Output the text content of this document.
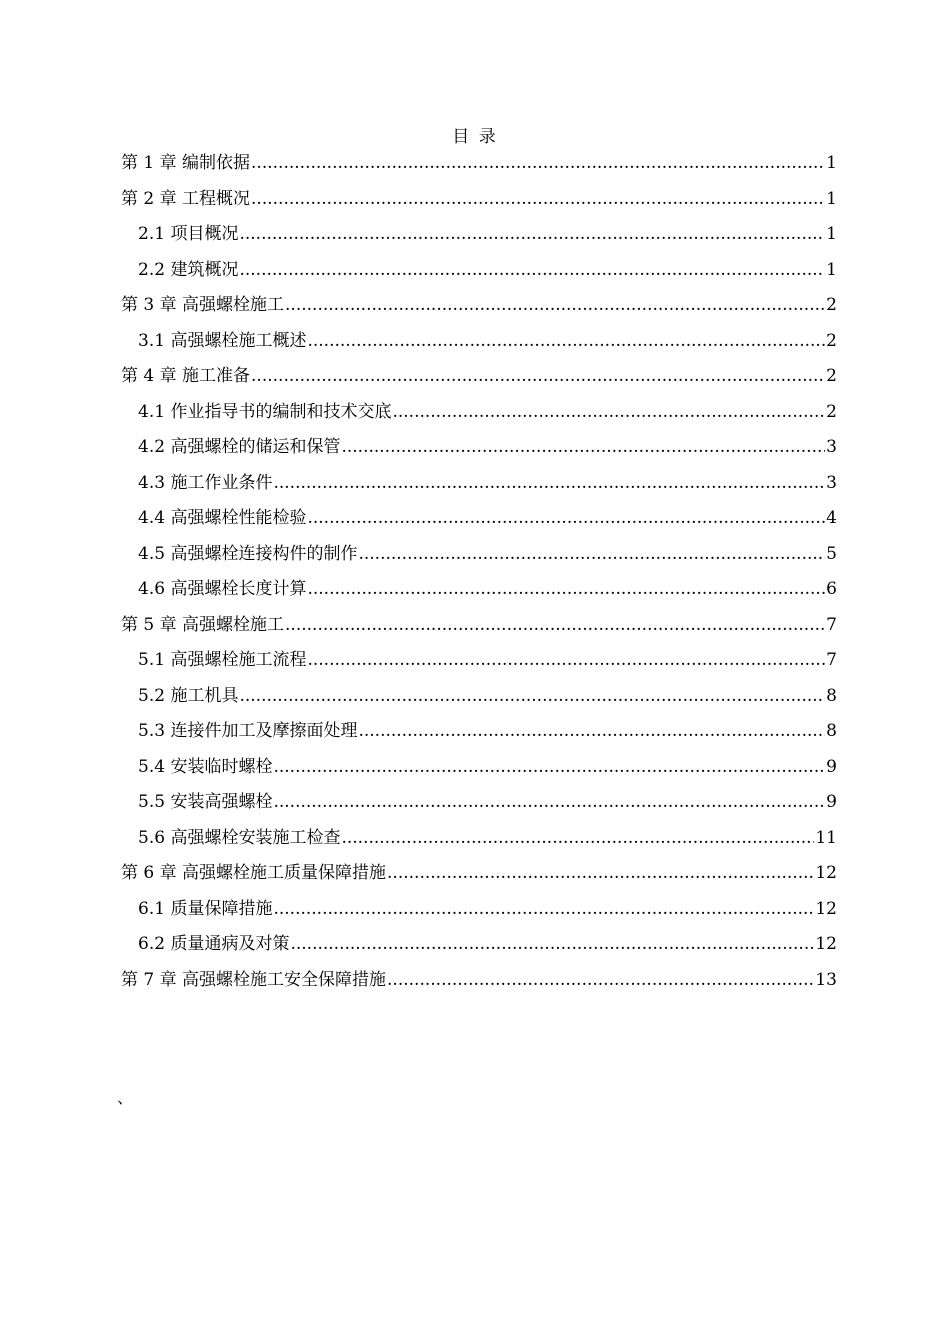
目 录
第 1 章 编制依据 .....	1
第 2 章 工程概况 .....	1
2.1 项目概况 .....	1
2.2 建筑概况 .....	1
第 3 章 高强螺栓施工 .....	2
3.1 高强螺栓施工概述 .....	2
第 4 章 施工准备 .....	2
4.1 作业指导书的编制和技术交底 .....	2
4.2 高强螺栓的储运和保管 .....	3
4.3 施工作业条件 .....	3
4.4 高强螺栓性能检验 .....	4
4.5 高强螺栓连接构件的制作 .....	5
4.6 高强螺栓长度计算 .....	6
第 5 章 高强螺栓施工 .....	7
5.1 高强螺栓施工流程 .....	7
5.2 施工机具 .....	8
5.3 连接件加工及摩擦面处理 .....	8
5.4 安装临时螺栓 .....	9
5.5 安装高强螺栓 .....	9
5.6 高强螺栓安装施工检查 .....	11
第 6 章 高强螺栓施工质量保障措施 .....	12
6.1 质量保障措施 .....	12
6.2 质量通病及对策 .....	12
第 7 章 高强螺栓施工安全保障措施 .....	13
、
